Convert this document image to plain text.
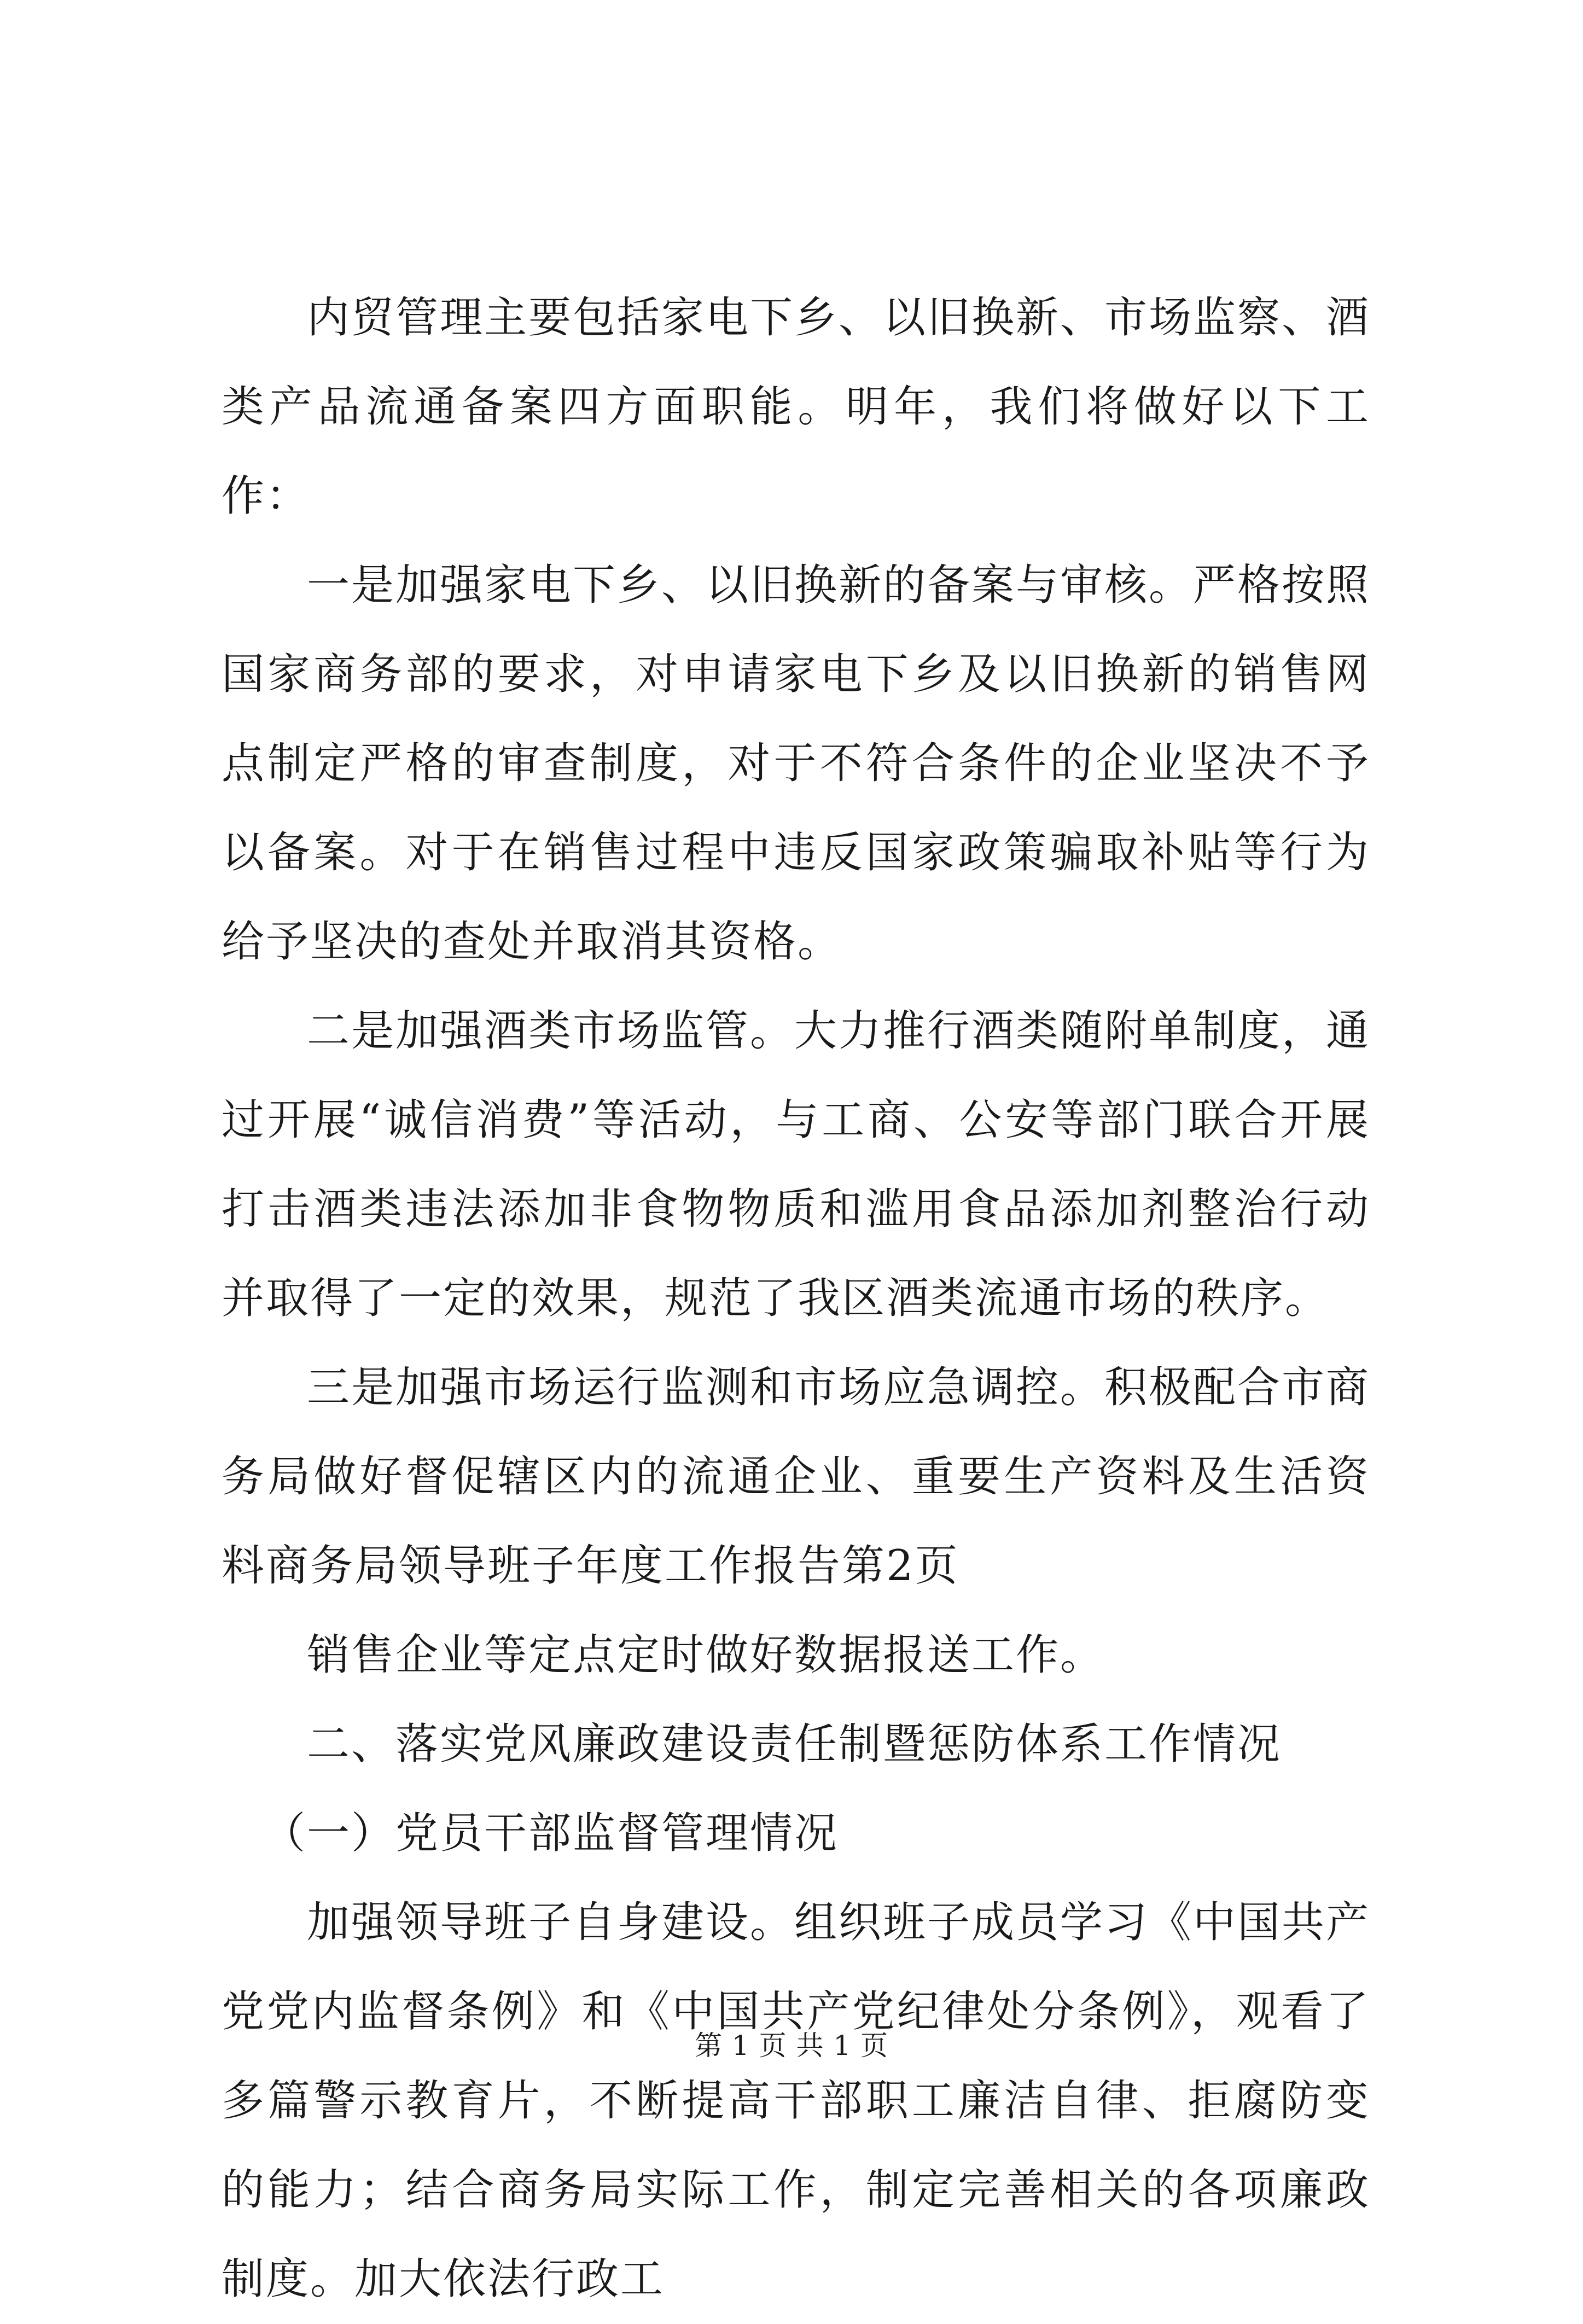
内贸管理主要包括家电下乡、以旧换新、市场监察、酒类产品流通备案四方面职能。明年，我们将做好以下工作：

一是加强家电下乡、以旧换新的备案与审核。严格按照国家商务部的要求，对申请家电下乡及以旧换新的销售网点制定严格的审查制度，对于不符合条件的企业坚决不予以备案。对于在销售过程中违反国家政策骗取补贴等行为给予坚决的查处并取消其资格。

二是加强酒类市场监管。大力推行酒类随附单制度，通过开展“诚信消费”等活动，与工商、公安等部门联合开展打击酒类违法添加非食物物质和滥用食品添加剂整治行动并取得了一定的效果，规范了我区酒类流通市场的秩序。

三是加强市场运行监测和市场应急调控。积极配合市商务局做好督促辖区内的流通企业、重要生产资料及生活资料商务局领导班子年度工作报告第2页

销售企业等定点定时做好数据报送工作。

二、落实党风廉政建设责任制暨惩防体系工作情况

（一）党员干部监督管理情况

加强领导班子自身建设。组织班子成员学习《中国共产党党内监督条例》和《中国共产党纪律处分条例》，观看了多篇警示教育片，不断提高干部职工廉洁自律、拒腐防变的能力；结合商务局实际工作，制定完善相关的各项廉政制度。加大依法行政工

第 1 页 共 1 页
